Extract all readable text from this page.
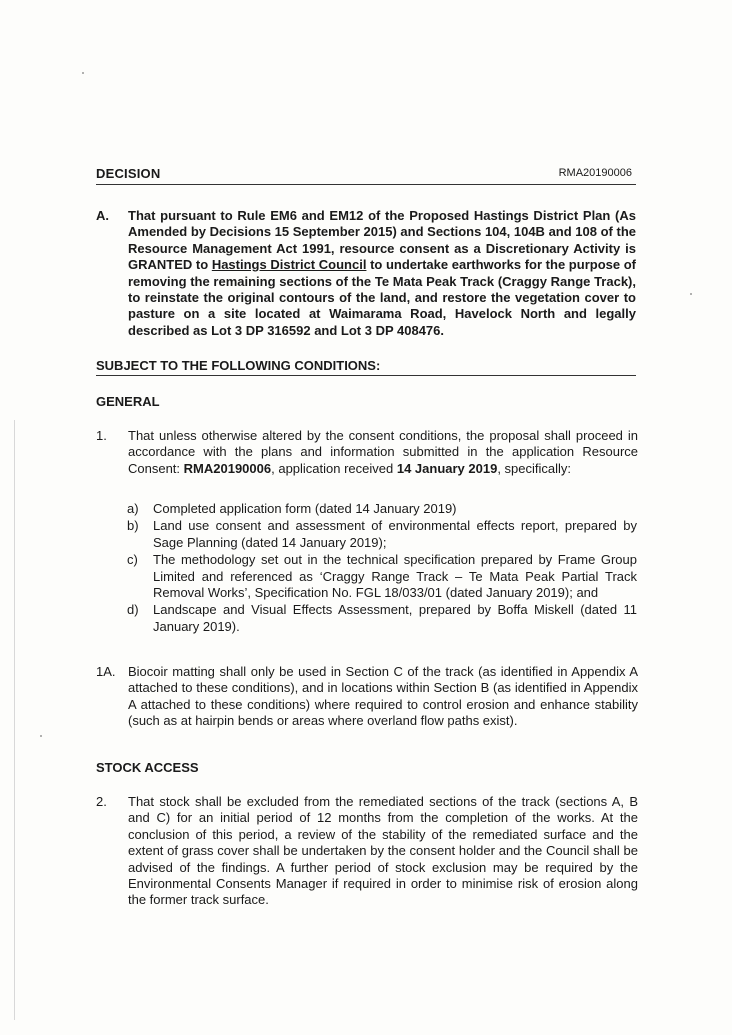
DECISION	RMA20190006
A. That pursuant to Rule EM6 and EM12 of the Proposed Hastings District Plan (As Amended by Decisions 15 September 2015) and Sections 104, 104B and 108 of the Resource Management Act 1991, resource consent as a Discretionary Activity is GRANTED to Hastings District Council to undertake earthworks for the purpose of removing the remaining sections of the Te Mata Peak Track (Craggy Range Track), to reinstate the original contours of the land, and restore the vegetation cover to pasture on a site located at Waimarama Road, Havelock North and legally described as Lot 3 DP 316592 and Lot 3 DP 408476.
SUBJECT TO THE FOLLOWING CONDITIONS:
GENERAL
1. That unless otherwise altered by the consent conditions, the proposal shall proceed in accordance with the plans and information submitted in the application Resource Consent: RMA20190006, application received 14 January 2019, specifically:
a) Completed application form (dated 14 January 2019)
b) Land use consent and assessment of environmental effects report, prepared by Sage Planning (dated 14 January 2019);
c) The methodology set out in the technical specification prepared by Frame Group Limited and referenced as ‘Craggy Range Track – Te Mata Peak Partial Track Removal Works’, Specification No. FGL 18/033/01 (dated January 2019); and
d) Landscape and Visual Effects Assessment, prepared by Boffa Miskell (dated 11 January 2019).
1A. Biocoir matting shall only be used in Section C of the track (as identified in Appendix A attached to these conditions), and in locations within Section B (as identified in Appendix A attached to these conditions) where required to control erosion and enhance stability (such as at hairpin bends or areas where overland flow paths exist).
STOCK ACCESS
2. That stock shall be excluded from the remediated sections of the track (sections A, B and C) for an initial period of 12 months from the completion of the works. At the conclusion of this period, a review of the stability of the remediated surface and the extent of grass cover shall be undertaken by the consent holder and the Council shall be advised of the findings. A further period of stock exclusion may be required by the Environmental Consents Manager if required in order to minimise risk of erosion along the former track surface.
